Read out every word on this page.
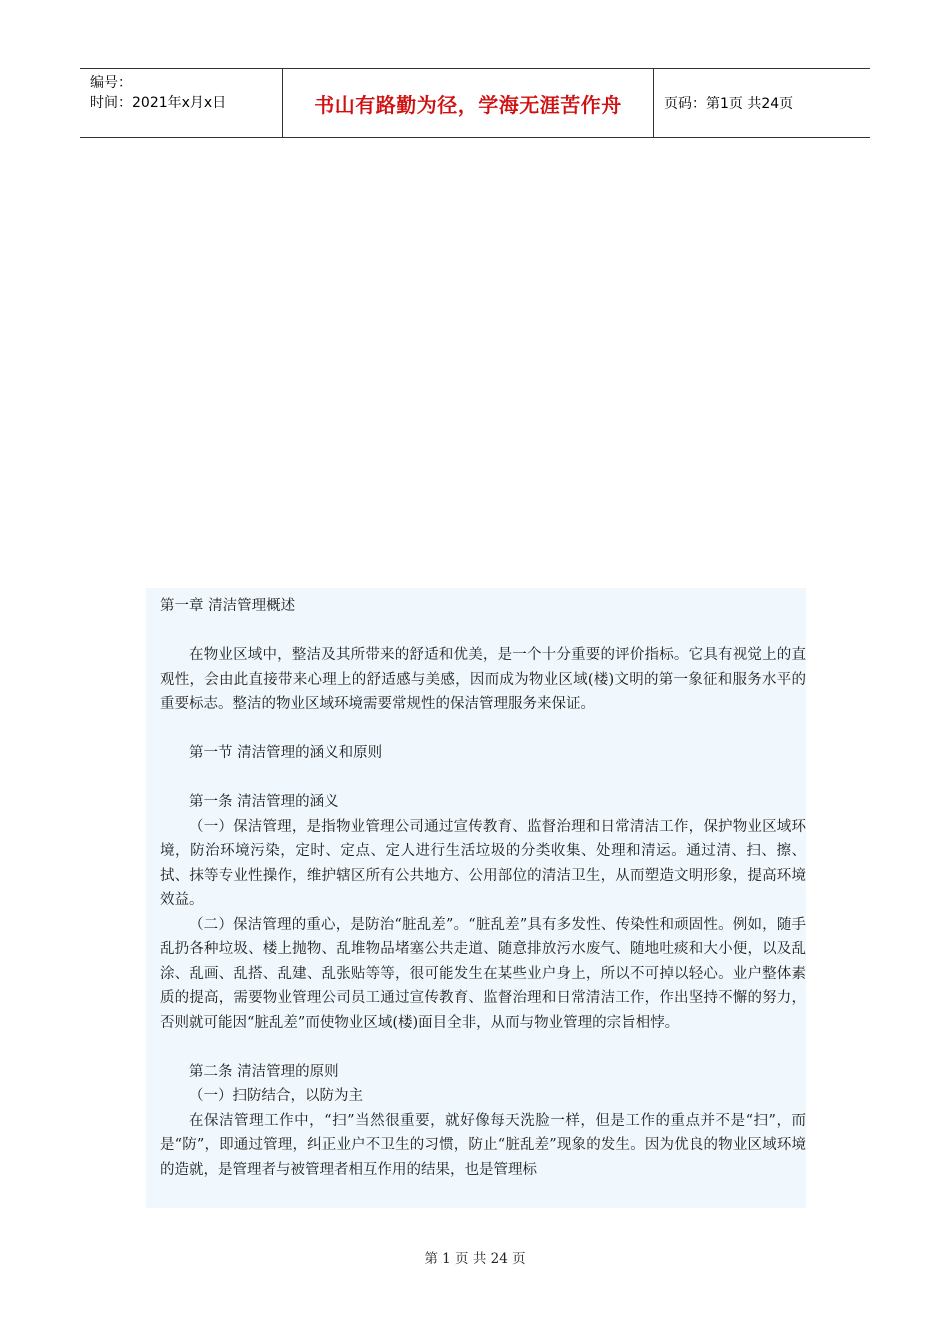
编号：
时间：2021年x月x日	书山有路勤为径，学海无涯苦作舟	页码：第1页 共24页

第一章 清洁管理概述

在物业区域中，整洁及其所带来的舒适和优美，是一个十分重要的评价指标。它具有视觉上的直观性，会由此直接带来心理上的舒适感与美感，因而成为物业区域(楼)文明的第一象征和服务水平的重要标志。整洁的物业区域环境需要常规性的保洁管理服务来保证。

第一节 清洁管理的涵义和原则

第一条 清洁管理的涵义

（一）保洁管理，是指物业管理公司通过宣传教育、监督治理和日常清洁工作，保护物业区域环境，防治环境污染，定时、定点、定人进行生活垃圾的分类收集、处理和清运。通过清、扫、擦、拭、抹等专业性操作，维护辖区所有公共地方、公用部位的清洁卫生，从而塑造文明形象，提高环境效益。

（二）保洁管理的重心，是防治“脏乱差”。“脏乱差”具有多发性、传染性和顽固性。例如，随手乱扔各种垃圾、楼上抛物、乱堆物品堵塞公共走道、随意排放污水废气、随地吐痰和大小便，以及乱涂、乱画、乱搭、乱建、乱张贴等等，很可能发生在某些业户身上，所以不可掉以轻心。业户整体素质的提高，需要物业管理公司员工通过宣传教育、监督治理和日常清洁工作，作出坚持不懈的努力，否则就可能因“脏乱差”而使物业区域(楼)面目全非，从而与物业管理的宗旨相悖。

第二条 清洁管理的原则

（一）扫防结合，以防为主

在保洁管理工作中，“扫”当然很重要，就好像每天洗脸一样，但是工作的重点并不是“扫”，而是“防”，即通过管理，纠正业户不卫生的习惯，防止“脏乱差”现象的发生。因为优良的物业区域环境的造就，是管理者与被管理者相互作用的结果，也是管理标

第 1 页 共 24 页
